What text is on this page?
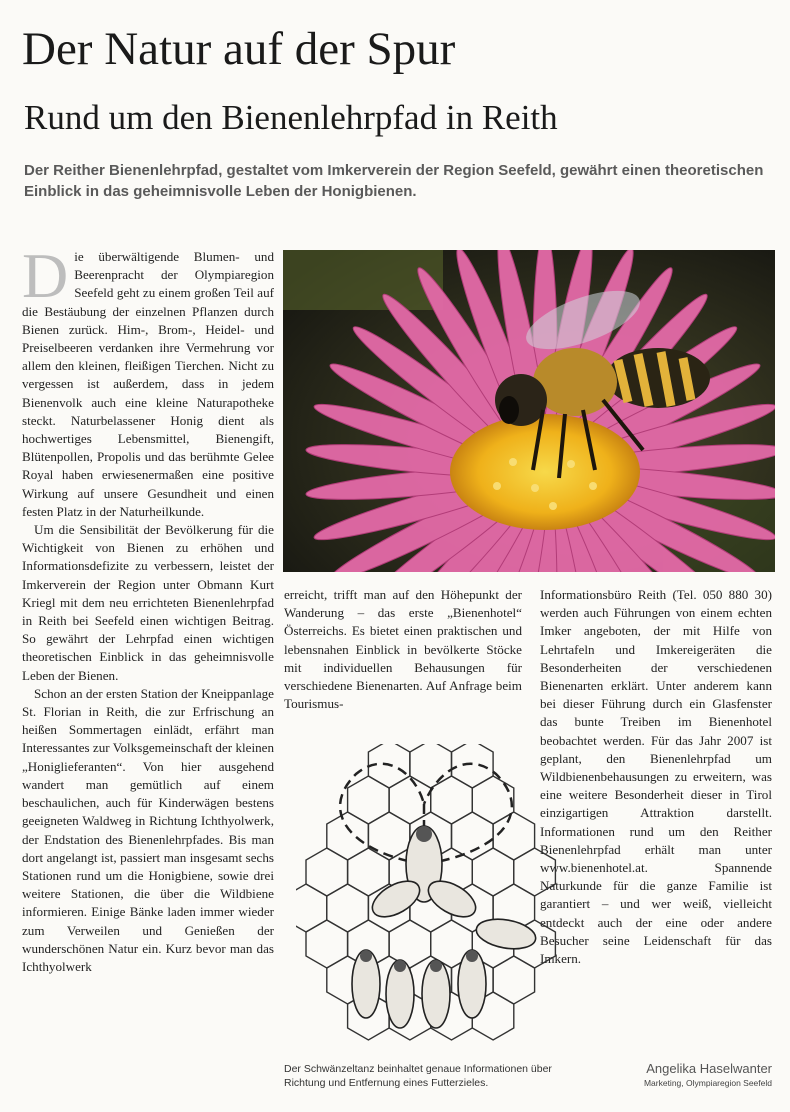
Der Natur auf der Spur
Rund um den Bienenlehrpfad in Reith
Der Reither Bienenlehrpfad, gestaltet vom Imkerverein der Region Seefeld, gewährt einen theoretischen Einblick in das geheimnisvolle Leben der Honigbienen.
D ie überwältigende Blumen- und Beerenpracht der Olympiaregion Seefeld geht zu einem großen Teil auf die Bestäubung der einzelnen Pflanzen durch Bienen zurück. Him-, Brom-, Heidel- und Preiselbeeren verdanken ihre Vermehrung vor allem den kleinen, fleißigen Tierchen. Nicht zu vergessen ist außerdem, dass in jedem Bienenvolk auch eine kleine Naturapotheke steckt. Naturbelassener Honig dient als hochwertiges Lebensmittel, Bienengift, Blütenpollen, Propolis und das berühmte Gelee Royal haben erwiesenermaßen eine positive Wirkung auf unsere Gesundheit und einen festen Platz in der Naturheilkunde.

Um die Sensibilität der Bevölkerung für die Wichtigkeit von Bienen zu erhöhen und Informationsdefizite zu verbessern, leistet der Imkerverein der Region unter Obmann Kurt Kriegl mit dem neu errichteten Bienenlehrpfad in Reith bei Seefeld einen wichtigen Beitrag. So gewährt der Lehrpfad einen wichtigen theoretischen Einblick in das geheimnisvolle Leben der Bienen.

Schon an der ersten Station der Kneippanlage St. Florian in Reith, die zur Erfrischung an heißen Sommertagen einlädt, erfährt man Interessantes zur Volksgemeinschaft der kleinen „Honiglieferanten“. Von hier ausgehend wandert man gemütlich auf einem beschaulichen, auch für Kinderwägen bestens geeigneten Waldweg in Richtung Ichthyolwerk, der Endstation des Bienenlehrpfades. Bis man dort angelangt ist, passiert man insgesamt sechs Stationen rund um die Honigbiene, sowie drei weitere Stationen, die über die Wildbiene informieren. Einige Bänke laden immer wieder zum Verweilen und Genießen der wunderschönen Natur ein. Kurz bevor man das Ichthyolwerk

erreicht, trifft man auf den Höhepunkt der Wanderung – das erste „Bienenhotel“ Österreichs. Es bietet einen praktischen und lebensnahen Einblick in bevölkerte Stöcke mit individuellen Behausungen für verschiedene Bienenarten. Auf Anfrage beim Tourismus-

Informationsbüro Reith (Tel. 050 880 30) werden auch Führungen von einem echten Imker angeboten, der mit Hilfe von Lehrtafeln und Imkereigeräten die Besonderheiten der verschiedenen Bienenarten erklärt. Unter anderem kann bei dieser Führung durch ein Glasfenster das bunte Treiben im Bienenhotel beobachtet werden. Für das Jahr 2007 ist geplant, den Bienenlehrpfad um Wildbienenbehausungen zu erweitern, was eine weitere Besonderheit dieser in Tirol einzigartigen Attraktion darstellt. Informationen rund um den Reither Bienenlehrpfad erhält man unter www.bienenhotel.at. Spannende Naturkunde für die ganze Familie ist garantiert – und wer weiß, vielleicht entdeckt auch der eine oder andere Besucher seine Leidenschaft für das Imkern.

Der Schwänzeltanz beinhaltet genaue Informationen über Richtung und Entfernung eines Futterzieles.
Angelika Haselwanter
Marketing, Olympiaregion Seefeld
